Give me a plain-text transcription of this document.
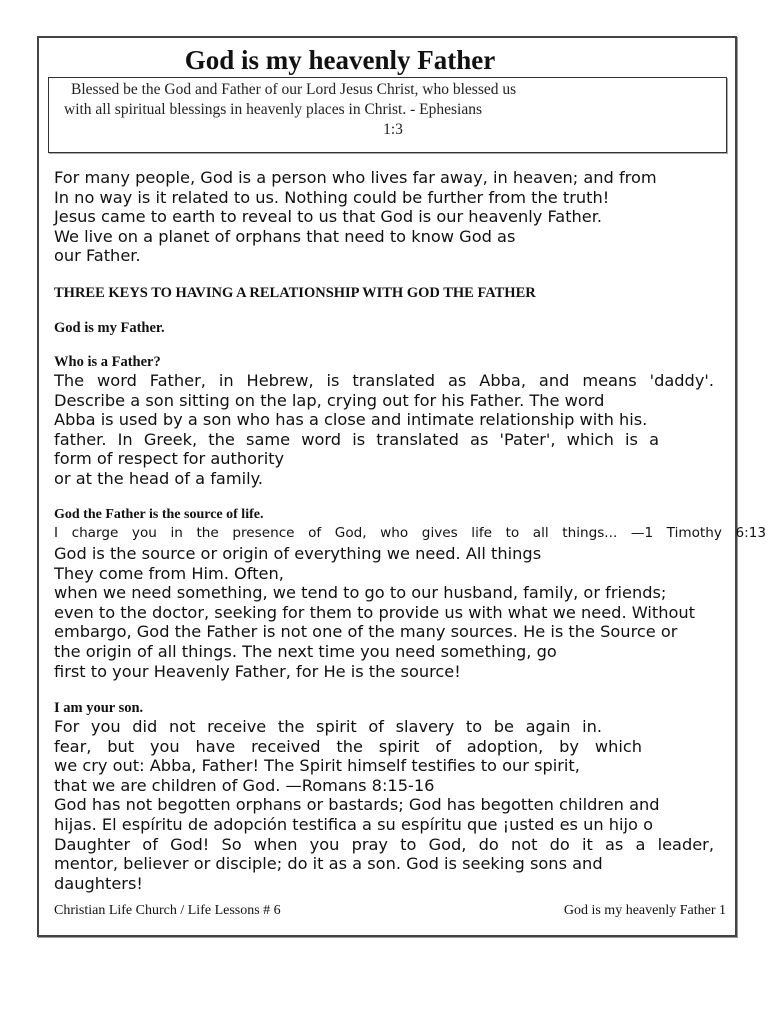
God is my heavenly Father
Blessed be the God and Father of our Lord Jesus Christ, who blessed us
with all spiritual blessings in heavenly places in Christ. - Ephesians
1:3
For many people, God is a person who lives far away, in heaven; and from
In no way is it related to us. Nothing could be further from the truth!
Jesus came to earth to reveal to us that God is our heavenly Father.
We live on a planet of orphans that need to know God as
our Father.
THREE KEYS TO HAVING A RELATIONSHIP WITH GOD THE FATHER
God is my Father.
Who is a Father?
The word Father, in Hebrew, is translated as Abba, and means 'daddy'.
Describe a son sitting on the lap, crying out for his Father. The word
Abba is used by a son who has a close and intimate relationship with his.
father. In Greek, the same word is translated as 'Pater', which is a
form of respect for authority
or at the head of a family.
God the Father is the source of life.
I charge you in the presence of God, who gives life to all things... —1 Timothy 6:13
God is the source or origin of everything we need. All things
They come from Him. Often,
when we need something, we tend to go to our husband, family, or friends;
even to the doctor, seeking for them to provide us with what we need. Without
embargo, God the Father is not one of the many sources. He is the Source or
the origin of all things. The next time you need something, go
first to your Heavenly Father, for He is the source!
I am your son.
For you did not receive the spirit of slavery to be again in.
fear, but you have received the spirit of adoption, by which
we cry out: Abba, Father! The Spirit himself testifies to our spirit,
that we are children of God. —Romans 8:15-16
God has not begotten orphans or bastards; God has begotten children and
hijas. El espíritu de adopción testifica a su espíritu que ¡usted es un hijo o
Daughter of God! So when you pray to God, do not do it as a leader,
mentor, believer or disciple; do it as a son. God is seeking sons and
daughters!
Christian Life Church / Life Lessons # 6	God is my heavenly Father 1
